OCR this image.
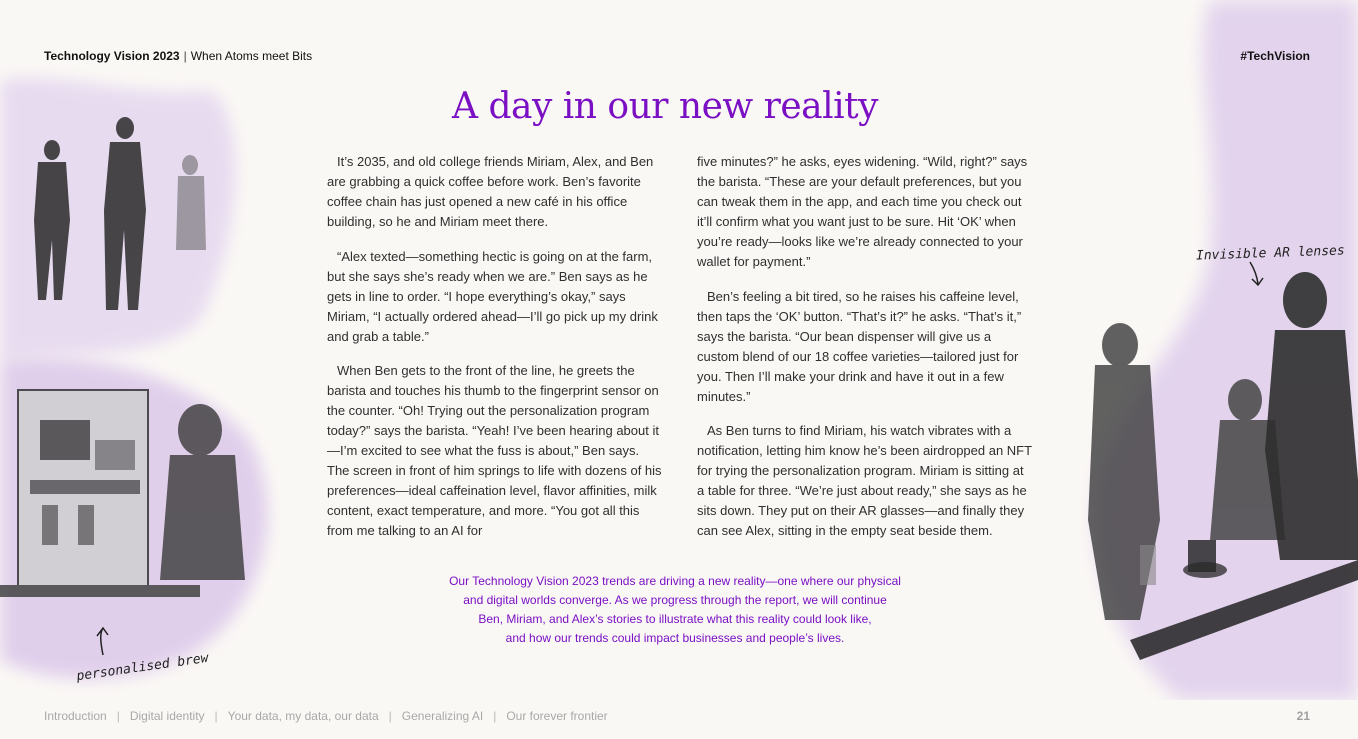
Technology Vision 2023 | When Atoms meet Bits	#TechVision
A day in our new reality

It’s 2035, and old college friends Miriam, Alex, and Ben are grabbing a quick coffee before work. Ben’s favorite coffee chain has just opened a new café in his office building, so he and Miriam meet there.

“Alex texted—something hectic is going on at the farm, but she says she’s ready when we are.” Ben says as he gets in line to order. “I hope everything’s okay,” says Miriam, “I actually ordered ahead—I’ll go pick up my drink and grab a table.”

When Ben gets to the front of the line, he greets the barista and touches his thumb to the fingerprint sensor on the counter. “Oh! Trying out the personalization program today?” says the barista. “Yeah! I’ve been hearing about it —I’m excited to see what the fuss is about,” Ben says. The screen in front of him springs to life with dozens of his preferences—ideal caffeination level, flavor affinities, milk content, exact temperature, and more. “You got all this from me talking to an AI for

five minutes?” he asks, eyes widening. “Wild, right?” says the barista. “These are your default preferences, but you can tweak them in the app, and each time you check out it’ll confirm what you want just to be sure. Hit ‘OK’ when you’re ready—looks like we’re already connected to your wallet for payment.”

Ben’s feeling a bit tired, so he raises his caffeine level, then taps the ‘OK’ button. “That’s it?” he asks. “That’s it,” says the barista. “Our bean dispenser will give us a custom blend of our 18 coffee varieties—tailored just for you. Then I’ll make your drink and have it out in a few minutes.”

As Ben turns to find Miriam, his watch vibrates with a notification, letting him know he’s been airdropped an NFT for trying the personalization program. Miriam is sitting at a table for three. “We’re just about ready,” she says as he sits down. They put on their AR glasses—and finally they can see Alex, sitting in the empty seat beside them.

Our Technology Vision 2023 trends are driving a new reality—one where our physical
and digital worlds converge. As we progress through the report, we will continue
Ben, Miriam, and Alex’s stories to illustrate what this reality could look like,
and how our trends could impact businesses and people’s lives.
personalised brew
Invisible AR lenses
Introduction | Digital identity | Your data, my data, our data | Generalizing AI | Our forever frontier	21
